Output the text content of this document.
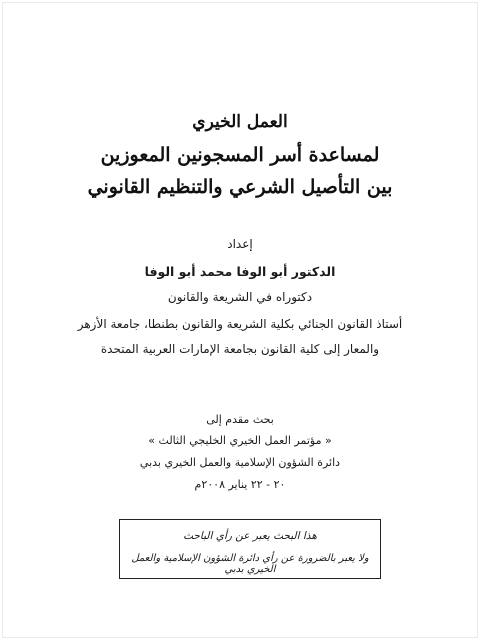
العمل الخيري
لمساعدة أسر المسجونين المعوزين
بين التأصيل الشرعي والتنظيم القانوني
إعداد
الدكتور أبو الوفا محمد أبو الوفا
دكتوراه في الشريعة والقانون
أستاذ القانون الجنائي بكلية الشريعة والقانون بطنطا، جامعة الأزهر
والمعار إلى كلية القانون بجامعة الإمارات العربية المتحدة
بحث مقدم إلى
« مؤتمر العمل الخيري الخليجي الثالث »
دائرة الشؤون الإسلامية والعمل الخيري بدبي
٢٠ - ٢٢ يناير ٢٠٠٨م
هذا البحث يعبر عن رأي الباحث
ولا يعبر بالضرورة عن رأي دائرة الشؤون الإسلامية والعمل الخيري بدبي
